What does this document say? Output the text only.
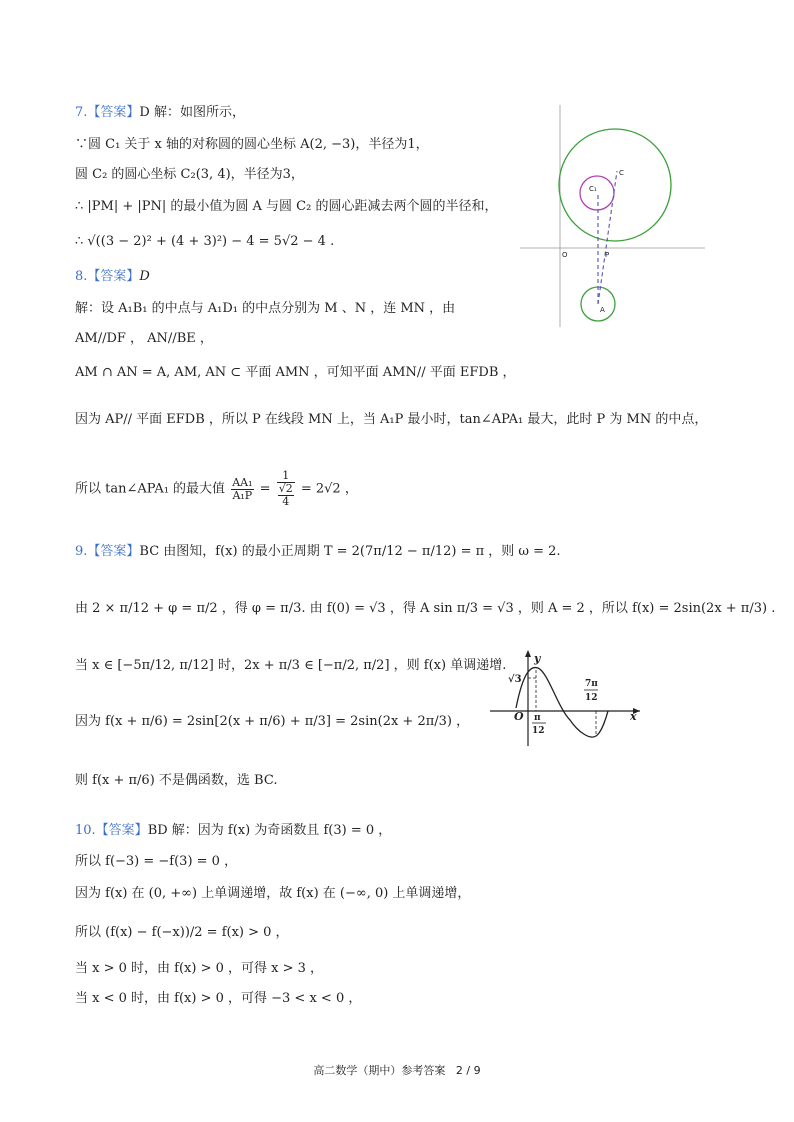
7.【答案】D 解：如图所示，
∵圆 C₁ 关于 x 轴的对称圆的圆心坐标 A(2, −3)，半径为1，
圆 C₂ 的圆心坐标 C₂(3, 4)，半径为3，
∴ |PM| + |PN| 的最小值为圆 A 与圆 C₂ 的圆心距减去两个圆的半径和，
∴ √((3 − 2)² + (4 + 3)²) − 4 = 5√2 − 4 .
C₁
C
O	P
A
8.【答案】D
解：设 A₁B₁ 的中点与 A₁D₁ 的中点分别为 M 、N ，连 MN ，由
AM//DF ， AN//BE ，
AM ∩ AN = A, AM, AN ⊂ 平面 AMN ，可知平面 AMN// 平面 EFDB ，
因为 AP// 平面 EFDB ，所以 P 在线段 MN 上，当 A₁P 最小时，tan∠APA₁ 最大，此时 P 为 MN 的中点，
所以 tan∠APA₁ 的最大值 $\frac{\text{AA₁}}{\text{A₁P}} = 1$
√2
4 = 2√2 ，
9.【答案】BC 由图知，f(x) 的最小正周期 T = 2(7π/12 − π/12) = π ，则 ω = 2.
由 2 × π/12 + φ = π/2 ，得 φ = π/3. 由 f(0) = √3 ，得 A sin π/3 = √3 ，则 A = 2 ，所以 f(x) = 2sin(2x + π/3) .
当 x ∈ [−5π/12, π/12] 时，2x + π/3 ∈ [−π/2, π/2] ，则 f(x) 单调递增.
因为 f(x + π/6) = 2sin[2(x + π/6) + π/3] = 2sin(2x + 2π/3) ，
则 f(x + π/6) 不是偶函数，选 BC.
y
x
O
√3
π
12
7π
12
10.【答案】BD 解：因为 f(x) 为奇函数且 f(3) = 0 ，
所以 f(−3) = −f(3) = 0 ，
因为 f(x) 在 (0, +∞) 上单调递增，故 f(x) 在 (−∞, 0) 上单调递增，
所以 (f(x) − f(−x))/2 = f(x) > 0 ，
当 x > 0 时，由 f(x) > 0 ，可得 x > 3 ，
当 x < 0 时，由 f(x) > 0 ，可得 −3 < x < 0 ，
高二数学（期中）参考答案 2 / 9
